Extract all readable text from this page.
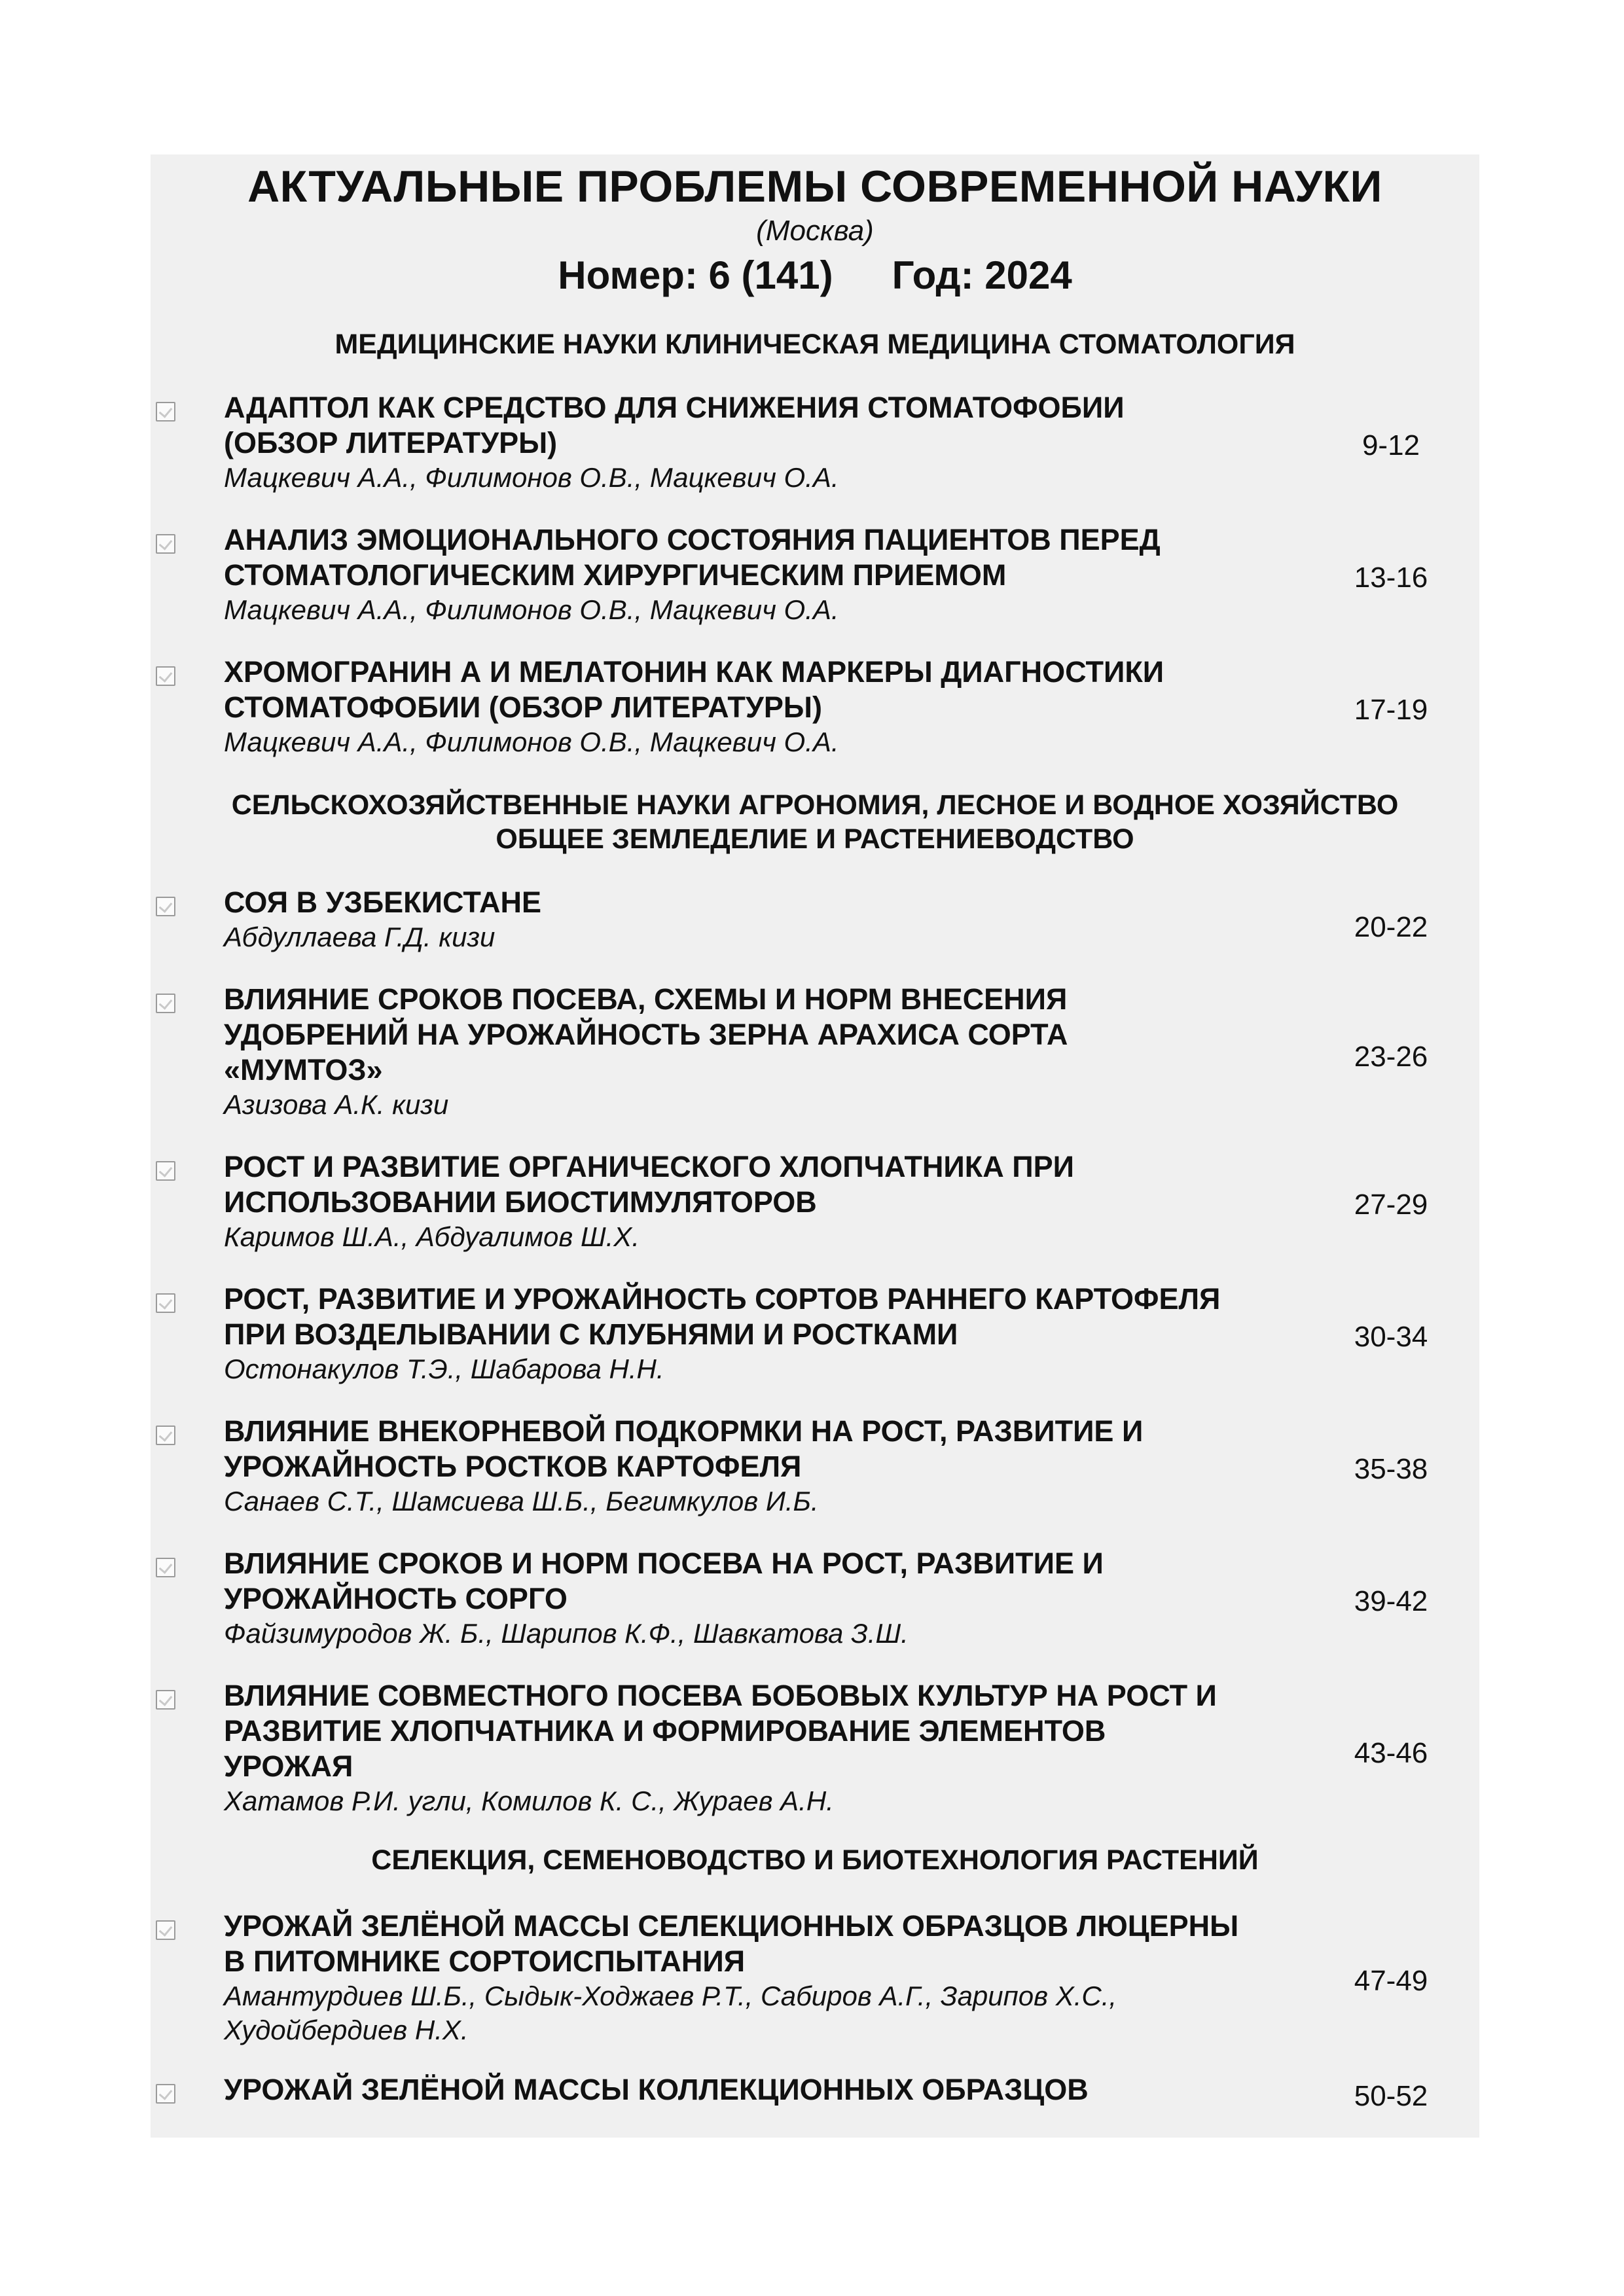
АКТУАЛЬНЫЕ ПРОБЛЕМЫ СОВРЕМЕННОЙ НАУКИ
(Москва)
Номер: 6 (141) Год: 2024
МЕДИЦИНСКИЕ НАУКИ КЛИНИЧЕСКАЯ МЕДИЦИНА СТОМАТОЛОГИЯ
АДАПТОЛ КАК СРЕДСТВО ДЛЯ СНИЖЕНИЯ СТОМАТОФОБИИ
(ОБЗОР ЛИТЕРАТУРЫ)
Мацкевич А.А., Филимонов О.В., Мацкевич О.А.
9-12
АНАЛИЗ ЭМОЦИОНАЛЬНОГО СОСТОЯНИЯ ПАЦИЕНТОВ ПЕРЕД
СТОМАТОЛОГИЧЕСКИМ ХИРУРГИЧЕСКИМ ПРИЕМОМ
Мацкевич А.А., Филимонов О.В., Мацкевич О.А.
13-16
ХРОМОГРАНИН А И МЕЛАТОНИН КАК МАРКЕРЫ ДИАГНОСТИКИ
СТОМАТОФОБИИ (ОБЗОР ЛИТЕРАТУРЫ)
Мацкевич А.А., Филимонов О.В., Мацкевич О.А.
17-19
СЕЛЬСКОХОЗЯЙСТВЕННЫЕ НАУКИ АГРОНОМИЯ, ЛЕСНОЕ И ВОДНОЕ ХОЗЯЙСТВО
ОБЩЕЕ ЗЕМЛЕДЕЛИЕ И РАСТЕНИЕВОДСТВО
СОЯ В УЗБЕКИСТАНЕ
Абдуллаева Г.Д. кизи	20-22
ВЛИЯНИЕ СРОКОВ ПОСЕВА, СХЕМЫ И НОРМ ВНЕСЕНИЯ
УДОБРЕНИЙ НА УРОЖАЙНОСТЬ ЗЕРНА АРАХИСА СОРТА
«МУМТОЗ»
Азизова А.К. кизи
23-26
РОСТ И РАЗВИТИЕ ОРГАНИЧЕСКОГО ХЛОПЧАТНИКА ПРИ
ИСПОЛЬЗОВАНИИ БИОСТИМУЛЯТОРОВ
Каримов Ш.А., Абдуалимов Ш.Х.
27-29
РОСТ, РАЗВИТИЕ И УРОЖАЙНОСТЬ СОРТОВ РАННЕГО КАРТОФЕЛЯ
ПРИ ВОЗДЕЛЫВАНИИ С КЛУБНЯМИ И РОСТКАМИ
Остонакулов Т.Э., Шабарова Н.Н.
30-34
ВЛИЯНИЕ ВНЕКОРНЕВОЙ ПОДКОРМКИ НА РОСТ, РАЗВИТИЕ И
УРОЖАЙНОСТЬ РОСТКОВ КАРТОФЕЛЯ
Санаев С.Т., Шамсиева Ш.Б., Бегимкулов И.Б.
35-38
ВЛИЯНИЕ СРОКОВ И НОРМ ПОСЕВА НА РОСТ, РАЗВИТИЕ И
УРОЖАЙНОСТЬ СОРГО
Файзимуродов Ж. Б., Шарипов К.Ф., Шавкатова З.Ш.
39-42
ВЛИЯНИЕ СОВМЕСТНОГО ПОСЕВА БОБОВЫХ КУЛЬТУР НА РОСТ И
РАЗВИТИЕ ХЛОПЧАТНИКА И ФОРМИРОВАНИЕ ЭЛЕМЕНТОВ
УРОЖАЯ
Хатамов Р.И. угли, Комилов К. С., Жураев А.Н.
43-46
СЕЛЕКЦИЯ, СЕМЕНОВОДСТВО И БИОТЕХНОЛОГИЯ РАСТЕНИЙ
УРОЖАЙ ЗЕЛЁНОЙ МАССЫ СЕЛЕКЦИОННЫХ ОБРАЗЦОВ ЛЮЦЕРНЫ
В ПИТОМНИКЕ СОРТОИСПЫТАНИЯ
Амантурдиев Ш.Б., Сыдык-Ходжаев Р.Т., Сабиров А.Г., Зарипов Х.С.,
Худойбердиев Н.Х.
47-49
УРОЖАЙ ЗЕЛЁНОЙ МАССЫ КОЛЛЕКЦИОННЫХ ОБРАЗЦОВ	50-52
